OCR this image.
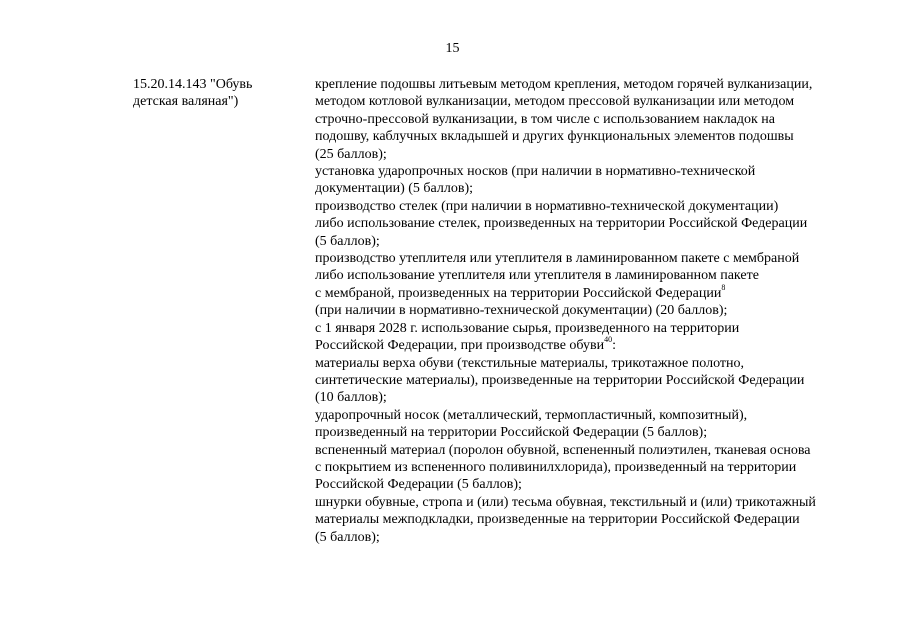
15
15.20.14.143 "Обувь
детская валяная")
крепление подошвы литьевым методом крепления, методом горячей вулканизации,
методом котловой вулканизации, методом прессовой вулканизации или методом
строчно-прессовой вулканизации, в том числе с использованием накладок на
подошву, каблучных вкладышей и других функциональных элементов подошвы
(25 баллов);
установка ударопрочных носков (при наличии в нормативно-технической
документации) (5 баллов);
производство стелек (при наличии в нормативно-технической документации)
либо использование стелек, произведенных на территории Российской Федерации
(5 баллов);
производство утеплителя или утеплителя в ламинированном пакете с мембраной
либо использование утеплителя или утеплителя в ламинированном пакете
с мембраной, произведенных на территории Российской Федерации$^8$
(при наличии в нормативно-технической документации) (20 баллов);
с 1 января 2028 г. использование сырья, произведенного на территории
Российской Федерации, при производстве обуви$^{40}$:
материалы верха обуви (текстильные материалы, трикотажное полотно,
синтетические материалы), произведенные на территории Российской Федерации
(10 баллов);
ударопрочный носок (металлический, термопластичный, композитный),
произведенный на территории Российской Федерации (5 баллов);
вспененный материал (поролон обувной, вспененный полиэтилен, тканевая основа
с покрытием из вспененного поливинилхлорида), произведенный на территории
Российской Федерации (5 баллов);
шнурки обувные, стропа и (или) тесьма обувная, текстильный и (или) трикотажный
материалы межподкладки, произведенные на территории Российской Федерации
(5 баллов);
